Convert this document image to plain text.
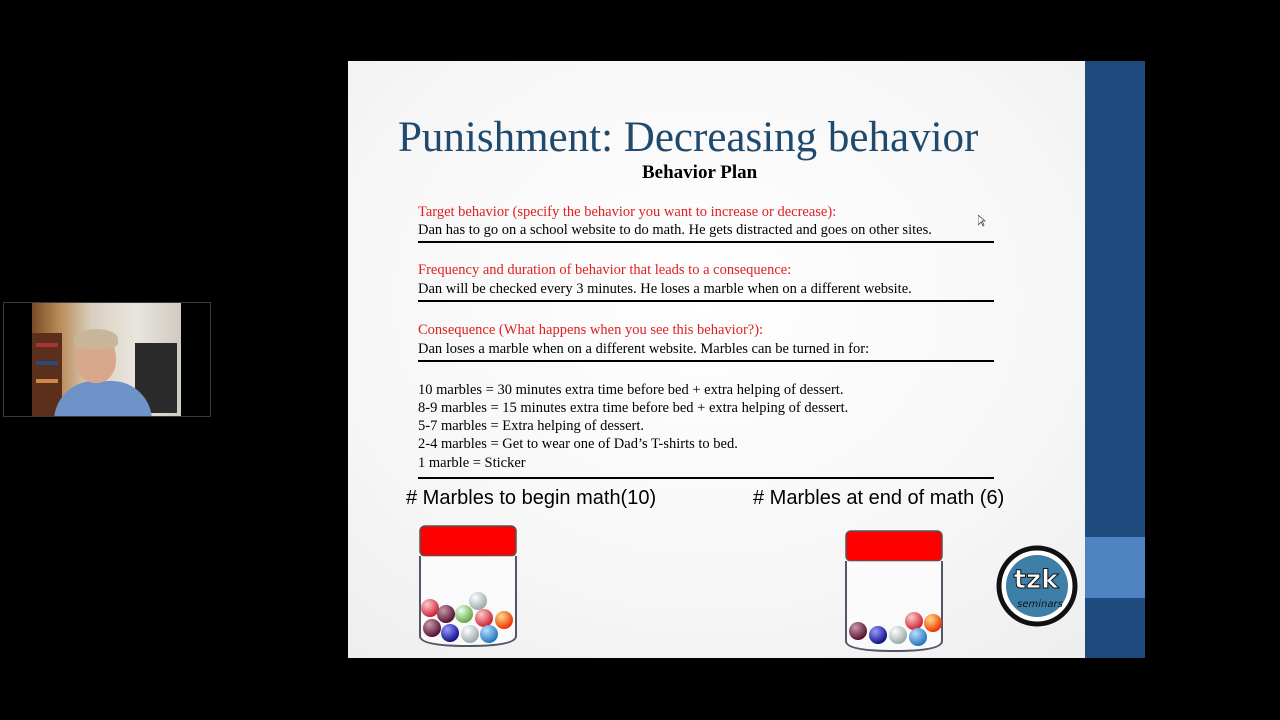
Punishment: Decreasing behavior
Behavior Plan
Target behavior (specify the behavior you want to increase or decrease):
Dan has to go on a school website to do math. He gets distracted and goes on other sites.
Frequency and duration of behavior that leads to a consequence:
Dan will be checked every 3 minutes. He loses a marble when on a different website.
Consequence (What happens when you see this behavior?):
Dan loses a marble when on a different website. Marbles can be turned in for:
10 marbles = 30 minutes extra time before bed + extra helping of dessert.
8-9 marbles = 15 minutes extra time before bed + extra helping of dessert.
5-7 marbles = Extra helping of dessert.
2-4 marbles = Get to wear one of Dad’s T-shirts to bed.
1 marble = Sticker
# Marbles to begin math(10)	# Marbles at end of math (6)
tzk
seminars
